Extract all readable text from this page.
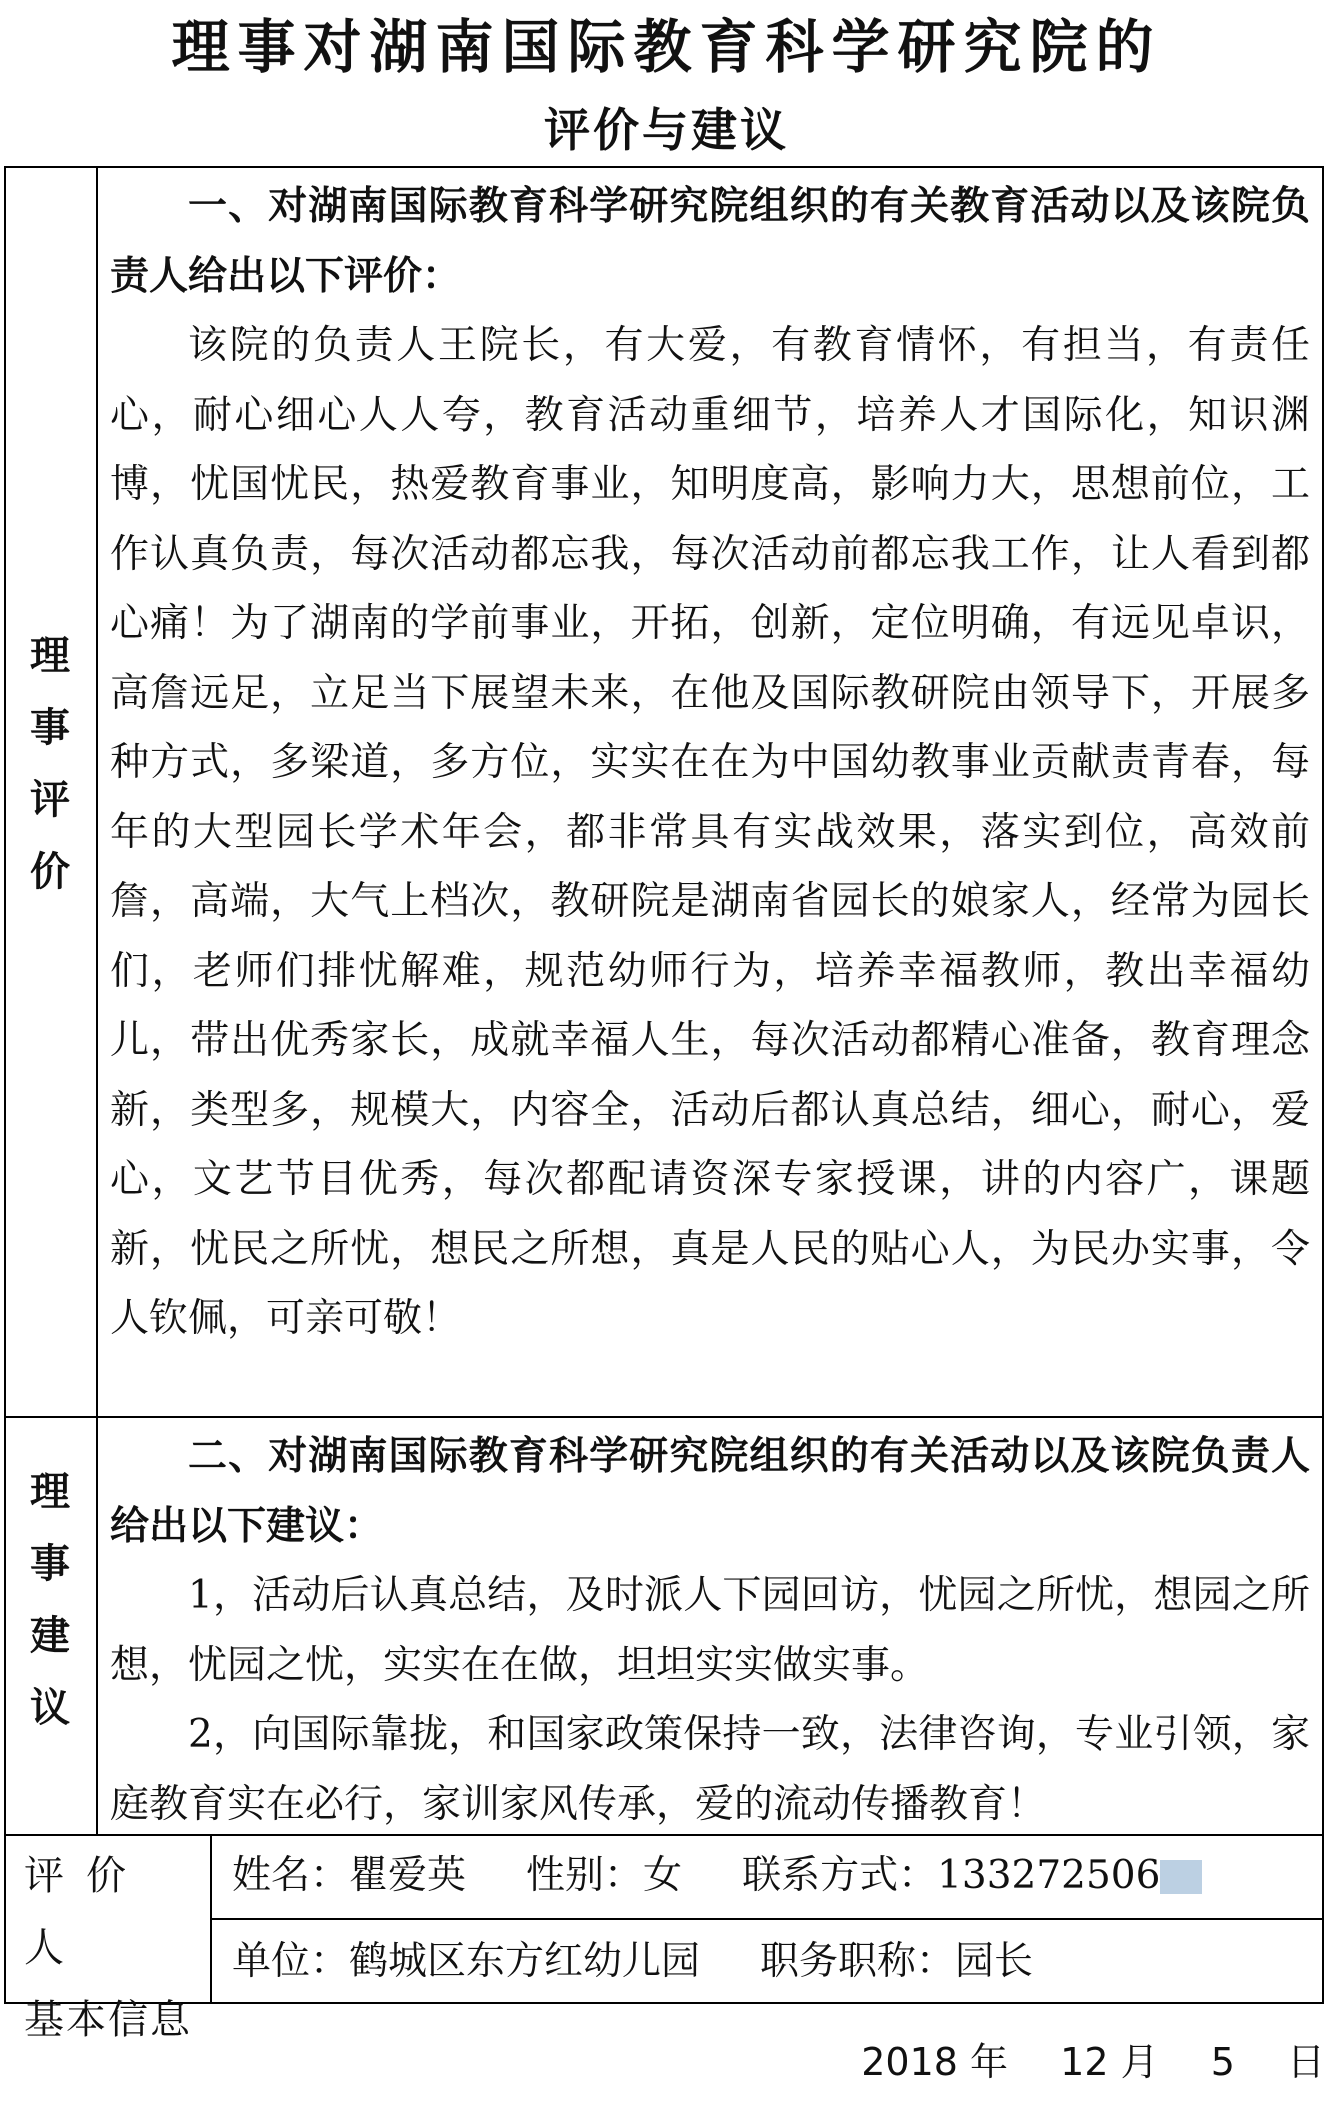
理事对湖南国际教育科学研究院的
评价与建议
理
事
评
价

一、对湖南国际教育科学研究院组织的有关教育活动以及该院负责人给出以下评价：

该院的负责人王院长，有大爱，有教育情怀，有担当，有责任心，耐心细心人人夸，教育活动重细节，培养人才国际化，知识渊博，忧国忧民，热爱教育事业，知明度高，影响力大，思想前位，工作认真负责，每次活动都忘我，每次活动前都忘我工作，让人看到都心痛！为了湖南的学前事业，开拓，创新，定位明确，有远见卓识，高詹远足，立足当下展望未来，在他及国际教研院由领导下，开展多种方式，多梁道，多方位，实实在在为中国幼教事业贡献责青春，每年的大型园长学术年会，都非常具有实战效果，落实到位，高效前詹，高端，大气上档次，教研院是湖南省园长的娘家人，经常为园长们，老师们排忧解难，规范幼师行为，培养幸福教师，教出幸福幼儿，带出优秀家长，成就幸福人生，每次活动都精心准备，教育理念新，类型多，规模大，内容全，活动后都认真总结，细心，耐心，爱心，文艺节目优秀，每次都配请资深专家授课，讲的内容广，课题新，忧民之所忧，想民之所想，真是人民的贴心人，为民办实事，令人钦佩，可亲可敬！

理
事
建
议

二、对湖南国际教育科学研究院组织的有关活动以及该院负责人给出以下建议：

1，活动后认真总结，及时派人下园回访，忧园之所忧，想园之所想，忧园之忧，实实在在做，坦坦实实做实事。

2，向国际靠拢，和国家政策保持一致，法律咨询，专业引领，家庭教育实在必行，家训家风传承，爱的流动传播教育！

评价人
基本信息
姓名：瞿爱英 性别：女 联系方式：133272506
单位：鹤城区东方红幼儿园 职务职称：园长
2018 年 12 月 5 日
